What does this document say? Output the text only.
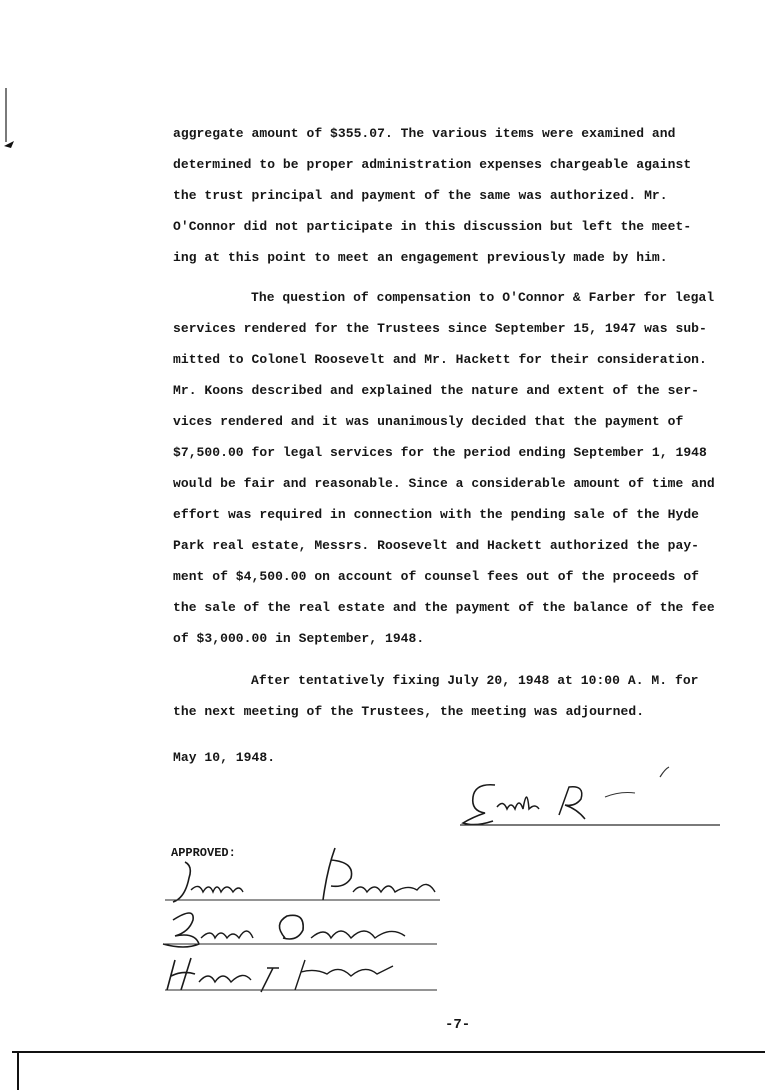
aggregate amount of $355.07. The various items were examined and
determined to be proper administration expenses chargeable against
the trust principal and payment of the same was authorized. Mr.
O'Connor did not participate in this discussion but left the meet-
ing at this point to meet an engagement previously made by him.
The question of compensation to O'Connor & Farber for legal
services rendered for the Trustees since September 15, 1947 was sub-
mitted to Colonel Roosevelt and Mr. Hackett for their consideration.
Mr. Koons described and explained the nature and extent of the ser-
vices rendered and it was unanimously decided that the payment of
$7,500.00 for legal services for the period ending September 1, 1948
would be fair and reasonable. Since a considerable amount of time and
effort was required in connection with the pending sale of the Hyde
Park real estate, Messrs. Roosevelt and Hackett authorized the pay-
ment of $4,500.00 on account of counsel fees out of the proceeds of
the sale of the real estate and the payment of the balance of the fee
of $3,000.00 in September, 1948.
After tentatively fixing July 20, 1948 at 10:00 A. M. for
the next meeting of the Trustees, the meeting was adjourned.
May 10, 1948.
APPROVED:
-7-
